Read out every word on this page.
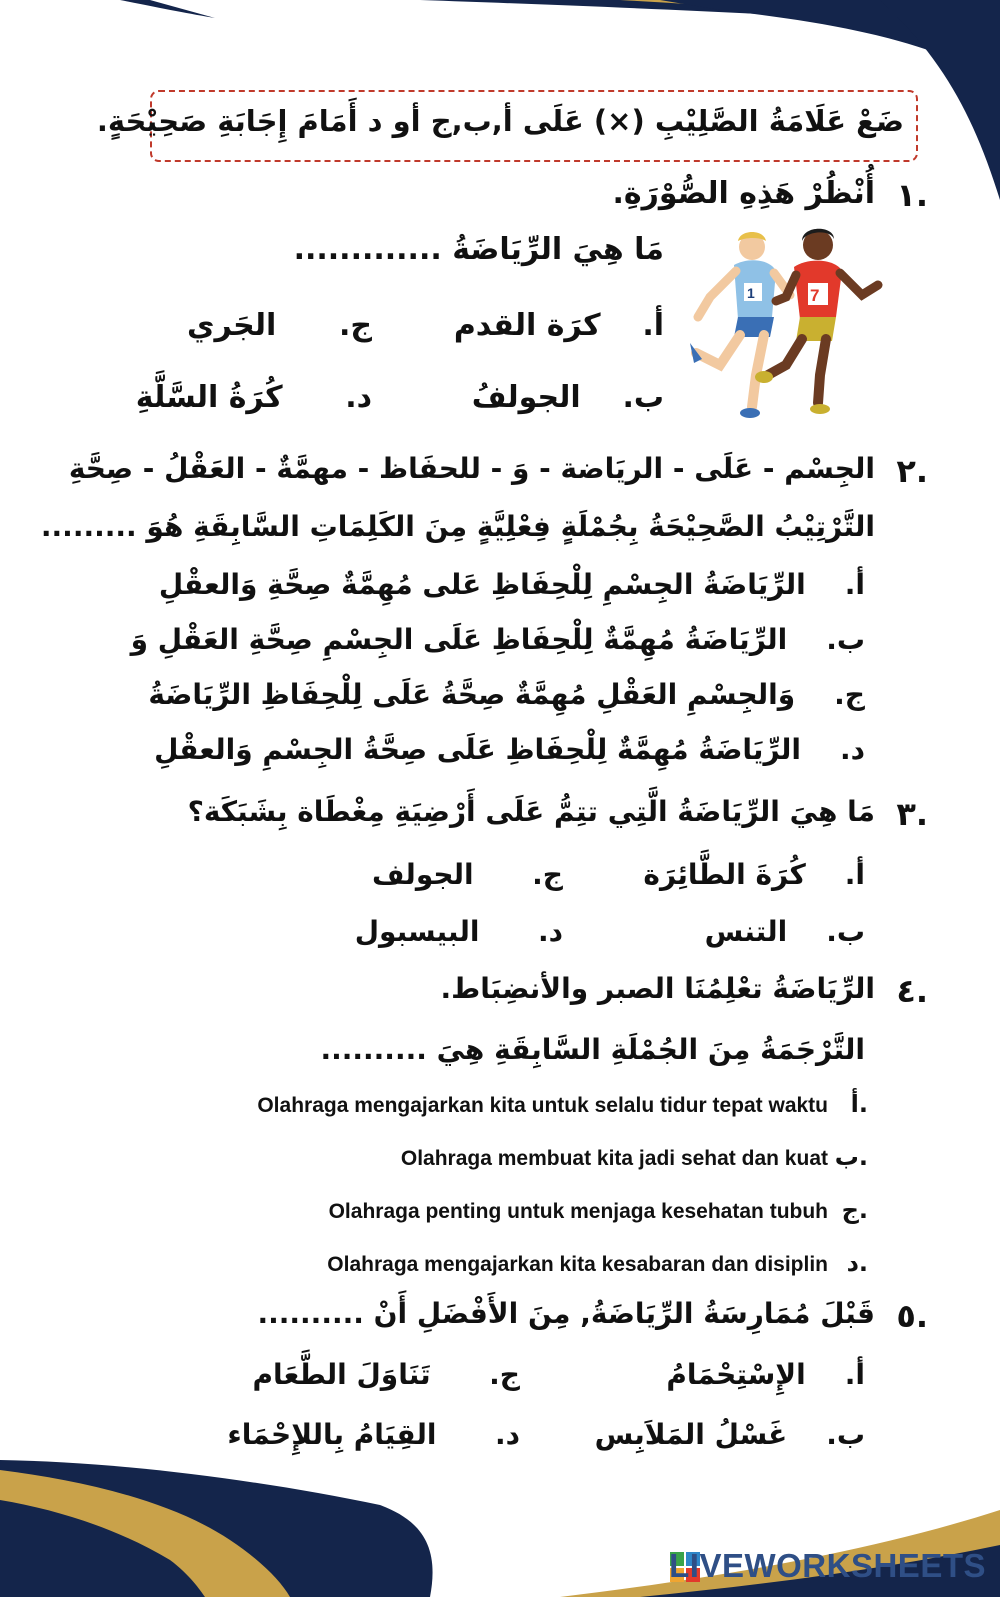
ضَعْ عَلَامَةُ الصَّلِيْبِ (×) عَلَى أ,ب,ج أو د أَمَامَ إِجَابَةِ صَحِيْحَةٍ.
.١
أُنْظُرْ هَذِهِ الصُّوْرَةِ.
مَا هِيَ الرِّيَاضَةُ .............
أ.    كرَة القدم
ب.    الجولفُ
ج.      الجَري
د.      كُرَةُ السَّلَّةِ
1	7
.٢
الجِسْم - عَلَى - الريَاضة - وَ - للحفَاظ - مهمَّةٌ - العَقْلُ - صِحَّةِ
التَّرْتِيْبُ الصَّحِيْحَةُ بِجُمْلَةٍ فِعْلِيَّةٍ مِنَ الكَلِمَاتِ السَّابِقَةِ هُوَ .........
أ.    الرِّيَاضَةُ الجِسْمِ لِلْحِفَاظِ عَلى مُهِمَّةٌ صِحَّةِ وَالعقْلِ
ب.    الرِّيَاضَةُ مُهِمَّةٌ لِلْحِفَاظِ عَلَى الجِسْمِ صِحَّةِ العَقْلِ وَ
ج.    وَالجِسْمِ العَقْلِ مُهِمَّةٌ صِحَّةُ عَلَى لِلْحِفَاظِ الرِّيَاضَةُ
د.    الرِّيَاضَةُ مُهِمَّةٌ لِلْحِفَاظِ عَلَى صِحَّةُ الجِسْمِ وَالعقْلِ
.٣
مَا هِيَ الرِّيَاضَةُ الَّتِي تتِمُّ عَلَى أَرْضِيَةِ مِغْطَاة بِشَبَكَة؟
أ.    كُرَةَ الطَّائِرَة
ب.    التنس
ج.      الجولف
د.      البيسبول
.٤
الرِّيَاضَةُ تعْلِمُنَا الصبر والأنضِبَاط.
التَّرْجَمَةُ مِنَ الجُمْلَةِ السَّابِقَةِ هِيَ ..........
.أ
Olahraga mengajarkan kita untuk selalu tidur tepat waktu
.ب
Olahraga membuat kita jadi sehat dan kuat
.ج
Olahraga penting untuk menjaga kesehatan tubuh
.د
Olahraga mengajarkan kita kesabaran dan disiplin
.٥
قَبْلَ مُمَارِسَةُ الرِّيَاضَةُ, مِنَ الأَفْضَلِ أَنْ ..........
أ.    الإِسْتِحْمَامُ
ب.    غَسْلُ المَلاَبِس
ج.      تَنَاوَلَ الطَّعَام
د.      القِيَامُ بِاللإِحْمَاء
LIVEWORKSHEETS
